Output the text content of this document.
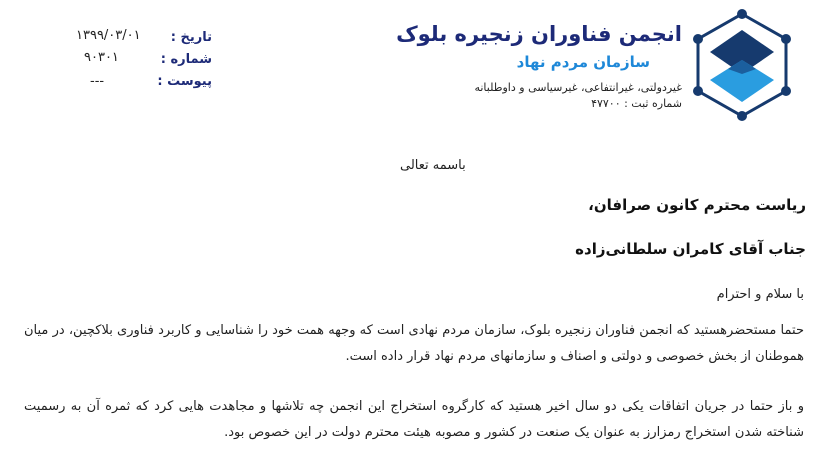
انجمن فناوران زنجیره بلوک
سازمان مردم نهاد
غیردولتی، غیرانتفاعی، غیرسیاسی و داوطلبانه
شماره ثبت : ۴۷۷۰۰
تاریخ :
۱۳۹۹/۰۳/۰۱
شماره :
۹۰۳۰۱
پیوست :
---
باسمه تعالی
ریاست محترم کانون صرافان،
جناب آقای کامران سلطانی‌زاده
با سلام و احترام
حتما مستحضرهستید که انجمن فناوران زنجیره بلوک، سازمان مردم نهادی است که وجهه همت خود را شناسایی و کاربرد فناوری بلاکچین، در میان هموطنان از بخش خصوصی و دولتی و اصناف و سازمانهای مردم نهاد قرار داده است.
و باز حتما در جریان اتفاقات یکی دو سال اخیر هستید که کارگروه استخراج این انجمن چه تلاشها و مجاهدت هایی کرد که ثمره آن به رسمیت شناخته شدن استخراج رمزارز به عنوان یک صنعت در کشور و مصوبه هیئت محترم دولت در این خصوص بود.
